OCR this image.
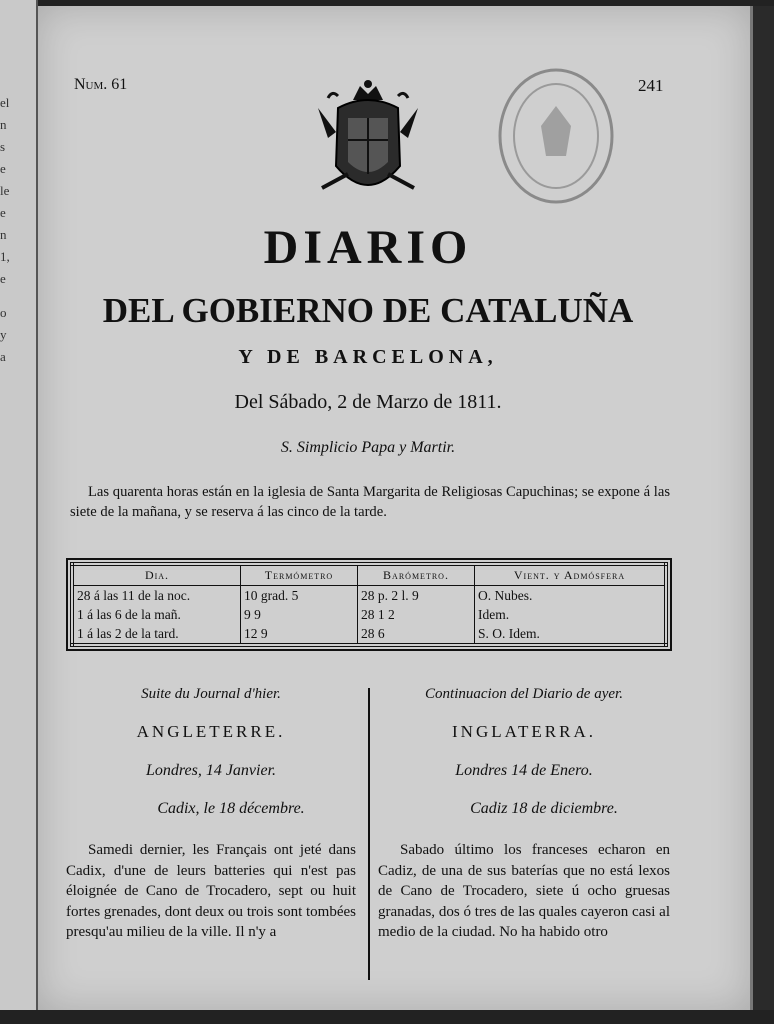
el
n
s
e
le
e
n
1,
e
o
y
a
Num. 61	241
DIARIO
DEL GOBIERNO DE CATALUÑA
Y DE BARCELONA,
Del Sábado, 2 de Marzo de 1811.
S. Simplicio Papa y Martir.
Las quarenta horas están en la iglesia de Santa Margarita de Religiosas Capuchinas; se expone á las siete de la mañana, y se reserva á las cinco de la tarde.
Dia.	Termómetro	Barómetro.	Vient. y Admósfera
28 á las 11 de la noc.	10 grad. 5	28 p. 2 l. 9	O. Nubes.
1 á las 6 de la mañ.	9 9	28 1 2	Idem.
1 á las 2 de la tard.	12 9	28 6	S. O. Idem.
Suite du Journal d'hier.
ANGLETERRE.
Londres, 14 Janvier.
Cadix, le 18 décembre.
Samedi dernier, les Français ont jeté dans Cadix, d'une de leurs batteries qui n'est pas éloignée de Cano de Trocadero, sept ou huit fortes grenades, dont deux ou trois sont tombées presqu'au milieu de la ville. Il n'y a
Continuacion del Diario de ayer.
INGLATERRA.
Londres 14 de Enero.
Cadiz 18 de diciembre.
Sabado último los franceses echaron en Cadiz, de una de sus baterías que no está lexos de Cano de Trocadero, siete ú ocho gruesas granadas, dos ó tres de las quales cayeron casi al medio de la ciudad. No ha habido otro
